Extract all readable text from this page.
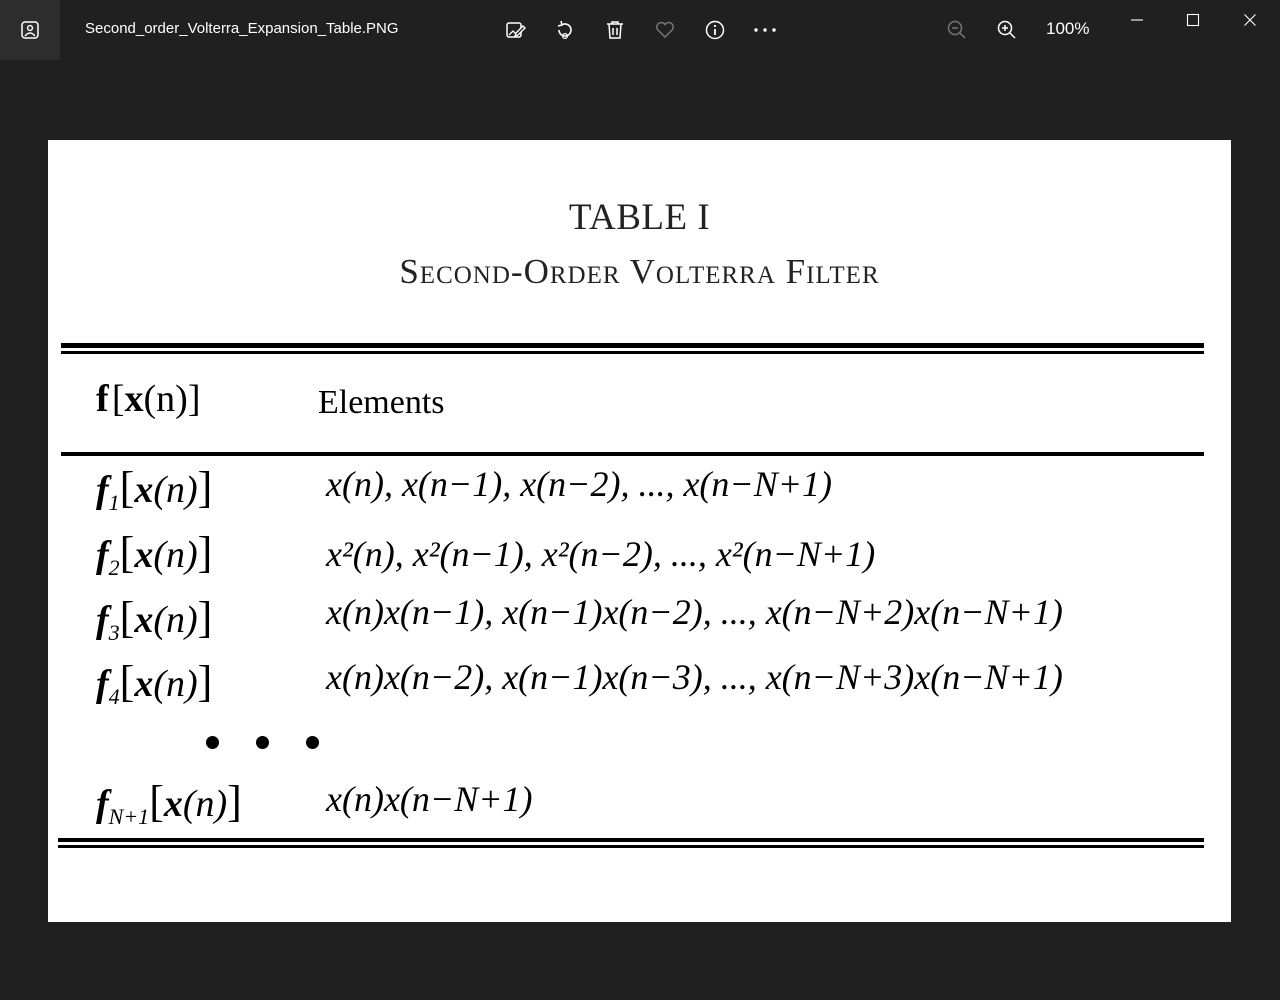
Second_order_Volterra_Expansion_Table.PNG	100%
TABLE I
Second-Order Volterra Filter
f [x(n)]	Elements
$f_1[x(n)]$	x(n), x(n−1), x(n−2), ..., x(n−N+1)
$f_2[x(n)]$	x²(n), x²(n−1), x²(n−2), ..., x²(n−N+1)
$f_3[x(n)]$	x(n)x(n−1), x(n−1)x(n−2), ..., x(n−N+2)x(n−N+1)
$f_4[x(n)]$	x(n)x(n−2), x(n−1)x(n−3), ..., x(n−N+3)x(n−N+1)
$f_{N+1}[x(n)]$ x(n)x(n−N+1)
